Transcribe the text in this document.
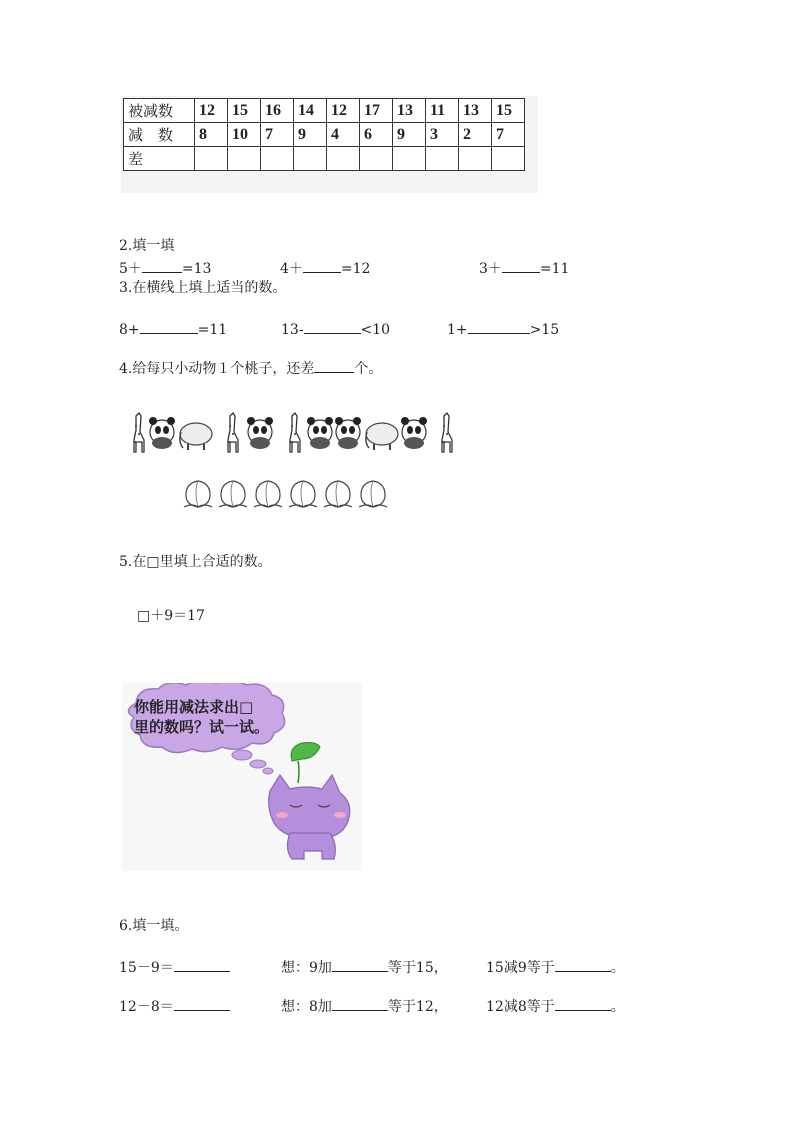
被减数	12	15	16	14	12	17	13	11	13	15
减　数	8	10	7	9	4	6	9	3	2	7
差										
2.填一填
5＋	=13	4＋	=12	3＋	=11
3.在横线上填上适当的数。
8+	=11	13-	<10	1+	>15
4.给每只小动物１个桃子，还差	个。
5.在□里填上合适的数。
□＋9＝17
你能用减法求出□
里的数吗？试一试。
6.填一填。
15－9＝	想：9加	等于15，	15减9等于	。
12－8＝	想：8加	等于12，	12减8等于	。
